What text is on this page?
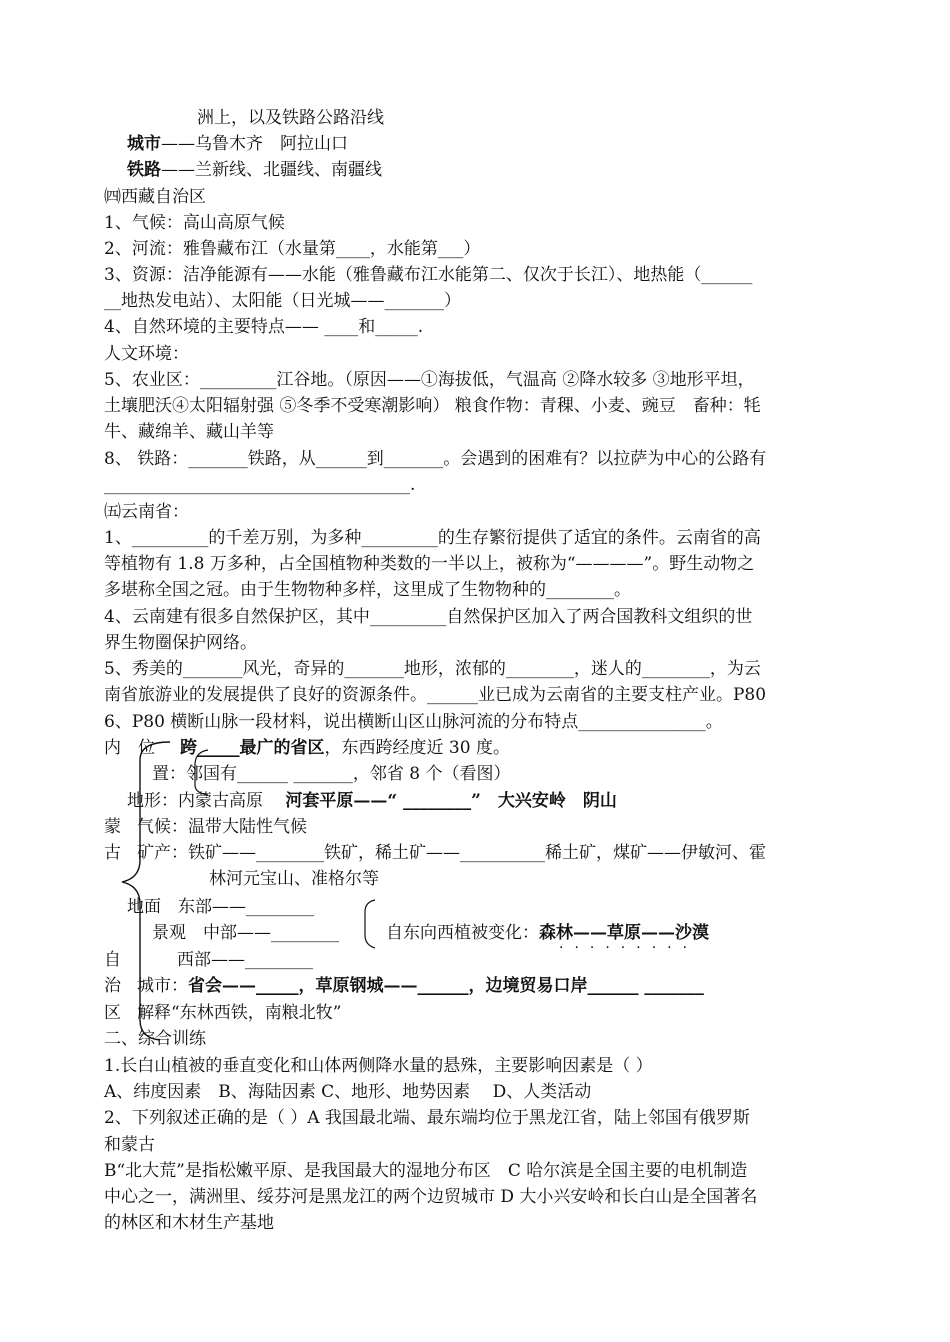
洲上，以及铁路公路沿线
城市——乌鲁木齐　阿拉山口
铁路——兰新线、北疆线、南疆线
㈣西藏自治区
1、气候：高山高原气候
2、河流：雅鲁藏布江（水量第____，水能第___）
3、资源：洁净能源有——水能（雅鲁藏布江水能第二、仅次于长江）、地热能（______
__地热发电站）、太阳能（日光城——_______）
4、自然环境的主要特点—— ____和_____.
人文环境：
5、农业区：_________江谷地。（原因——①海拔低，气温高 ②降水较多 ③地形平坦，
土壤肥沃④太阳辐射强 ⑤冬季不受寒潮影响） 粮食作物：青稞、小麦、豌豆　畜种：牦
牛、藏绵羊、藏山羊等
8、 铁路：_______铁路，从______到_______。会遇到的困难有？以拉萨为中心的公路有
____________________________________.
㈤云南省：
1、_________的千差万别，为多种_________的生存繁衍提供了适宜的条件。云南省的高
等植物有 1.8 万多种，占全国植物种类数的一半以上，被称为“————”。野生动物之
多堪称全国之冠。由于生物物种多样，这里成了生物物种的________。
4、云南建有很多自然保护区，其中_________自然保护区加入了两合国教科文组织的世
界生物圈保护网络。
5、秀美的_______风光，奇异的_______地形，浓郁的________，迷人的________，为云
南省旅游业的发展提供了良好的资源条件。______业已成为云南省的主要支柱产业。P80
6、P80 横断山脉一段材料，说出横断山区山脉河流的分布特点_______________。
内　位 跨_____最广的省区，东西跨经度近 30 度。
置：邻国有______ _______，邻省 8 个（看图）
地形：内蒙古高原　 河套平原——“ ________”　大兴安岭　阴山
蒙 气候：温带大陆性气候
古 矿产：铁矿——________铁矿，稀土矿——__________稀土矿，煤矿——伊敏河、霍
林河元宝山、准格尔等
地面　东部——________
景观　中部——________	自东向西植被变化：森林——草原——沙漠
·········
自	西部——________
治 城市：省会——_____，草原钢城——______，边境贸易口岸______ _______
区 解释“东林西铁，南粮北牧”
二、综合训练
1.长白山植被的垂直变化和山体两侧降水量的悬殊，主要影响因素是（ ）
A、纬度因素　B、海陆因素 C、地形、地势因素　 D、人类活动
2、下列叙述正确的是（ ）A 我国最北端、最东端均位于黑龙江省，陆上邻国有俄罗斯
和蒙古
B“北大荒”是指松嫩平原、是我国最大的湿地分布区　C 哈尔滨是全国主要的电机制造
中心之一，满洲里、绥芬河是黑龙江的两个边贸城市 D 大小兴安岭和长白山是全国著名
的林区和木材生产基地
